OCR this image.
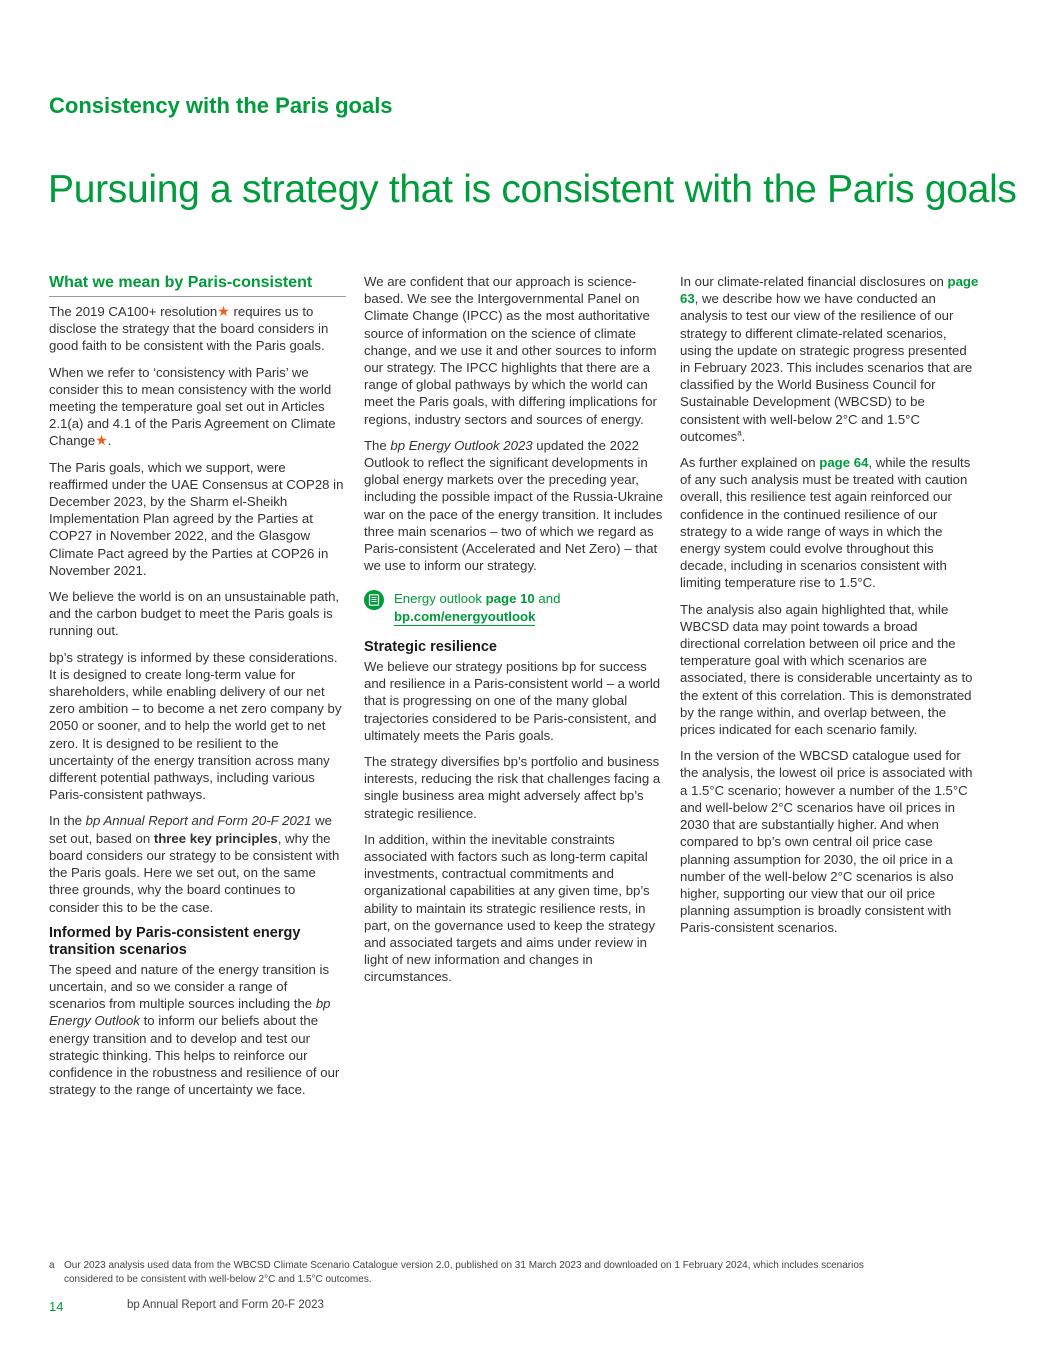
Consistency with the Paris goals
Pursuing a strategy that is consistent with the Paris goals
What we mean by Paris-consistent

The 2019 CA100+ resolution★ requires us to disclose the strategy that the board considers in good faith to be consistent with the Paris goals.

When we refer to ‘consistency with Paris’ we consider this to mean consistency with the world meeting the temperature goal set out in Articles 2.1(a) and 4.1 of the Paris Agreement on Climate Change★.

The Paris goals, which we support, were reaffirmed under the UAE Consensus at COP28 in December 2023, by the Sharm el-Sheikh Implementation Plan agreed by the Parties at COP27 in November 2022, and the Glasgow Climate Pact agreed by the Parties at COP26 in November 2021.

We believe the world is on an unsustainable path, and the carbon budget to meet the Paris goals is running out.

bp’s strategy is informed by these considerations. It is designed to create long-term value for shareholders, while enabling delivery of our net zero ambition – to become a net zero company by 2050 or sooner, and to help the world get to net zero. It is designed to be resilient to the uncertainty of the energy transition across many different potential pathways, including various Paris-consistent pathways.

In the bp Annual Report and Form 20-F 2021 we set out, based on three key principles, why the board considers our strategy to be consistent with the Paris goals. Here we set out, on the same three grounds, why the board continues to consider this to be the case.

Informed by Paris-consistent energy transition scenarios

The speed and nature of the energy transition is uncertain, and so we consider a range of scenarios from multiple sources including the bp Energy Outlook to inform our beliefs about the energy transition and to develop and test our strategic thinking. This helps to reinforce our confidence in the robustness and resilience of our strategy to the range of uncertainty we face.

We are confident that our approach is science-based. We see the Intergovernmental Panel on Climate Change (IPCC) as the most authoritative source of information on the science of climate change, and we use it and other sources to inform our strategy. The IPCC highlights that there are a range of global pathways by which the world can meet the Paris goals, with differing implications for regions, industry sectors and sources of energy.

The bp Energy Outlook 2023 updated the 2022 Outlook to reflect the significant developments in global energy markets over the preceding year, including the possible impact of the Russia-Ukraine war on the pace of the energy transition. It includes three main scenarios – two of which we regard as Paris-consistent (Accelerated and Net Zero) – that we use to inform our strategy.

Energy outlook page 10 and
bp.com/energyoutlook
Strategic resilience

We believe our strategy positions bp for success and resilience in a Paris-consistent world – a world that is progressing on one of the many global trajectories considered to be Paris-consistent, and ultimately meets the Paris goals.

The strategy diversifies bp’s portfolio and business interests, reducing the risk that challenges facing a single business area might adversely affect bp’s strategic resilience.

In addition, within the inevitable constraints associated with factors such as long-term capital investments, contractual commitments and organizational capabilities at any given time, bp’s ability to maintain its strategic resilience rests, in part, on the governance used to keep the strategy and associated targets and aims under review in light of new information and changes in circumstances.

In our climate-related financial disclosures on page 63, we describe how we have conducted an analysis to test our view of the resilience of our strategy to different climate-related scenarios, using the update on strategic progress presented in February 2023. This includes scenarios that are classified by the World Business Council for Sustainable Development (WBCSD) to be consistent with well-below 2°C and 1.5°C outcomes$^a$.

As further explained on page 64, while the results of any such analysis must be treated with caution overall, this resilience test again reinforced our confidence in the continued resilience of our strategy to a wide range of ways in which the energy system could evolve throughout this decade, including in scenarios consistent with limiting temperature rise to 1.5°C.

The analysis also again highlighted that, while WBCSD data may point towards a broad directional correlation between oil price and the temperature goal with which scenarios are associated, there is considerable uncertainty as to the extent of this correlation. This is demonstrated by the range within, and overlap between, the prices indicated for each scenario family.

In the version of the WBCSD catalogue used for the analysis, the lowest oil price is associated with a 1.5°C scenario; however a number of the 1.5°C and well-below 2°C scenarios have oil prices in 2030 that are substantially higher. And when compared to bp’s own central oil price case planning assumption for 2030, the oil price in a number of the well-below 2°C scenarios is also higher, supporting our view that our oil price planning assumption is broadly consistent with Paris-consistent scenarios.

a Our 2023 analysis used data from the WBCSD Climate Scenario Catalogue version 2.0, published on 31 March 2023 and downloaded on 1 February 2024, which includes scenarios considered to be consistent with well-below 2°C and 1.5°C outcomes.
14	bp Annual Report and Form 20-F 2023
